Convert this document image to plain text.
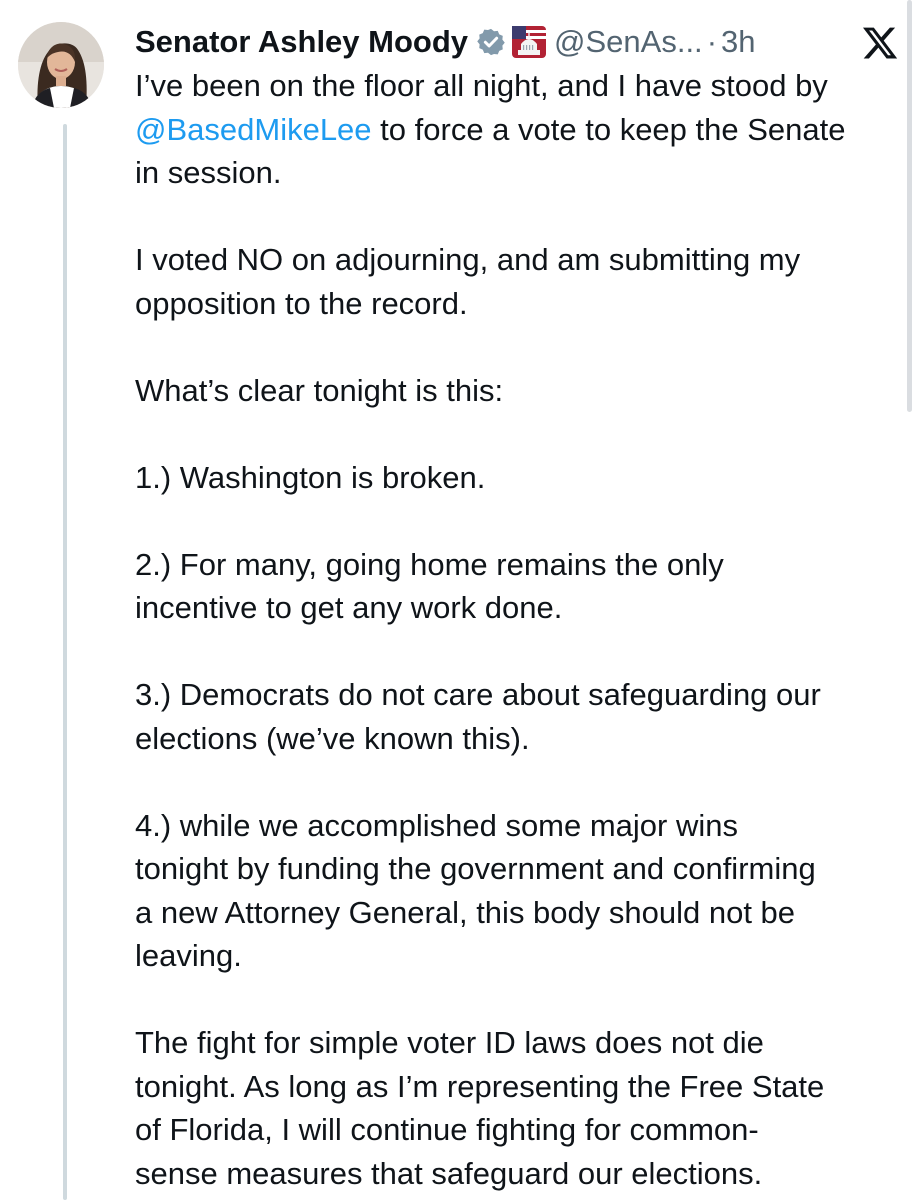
Senator Ashley Moody	@SenAs... · 3h

I’ve been on the floor all night, and I have stood by
@BasedMikeLee to force a vote to keep the Senate
in session.

I voted NO on adjourning, and am submitting my
opposition to the record.

What’s clear tonight is this:

1.) Washington is broken.

2.) For many, going home remains the only
incentive to get any work done.

3.) Democrats do not care about safeguarding our
elections (we’ve known this).

4.) while we accomplished some major wins
tonight by funding the government and confirming
a new Attorney General, this body should not be
leaving.

The fight for simple voter ID laws does not die
tonight. As long as I’m representing the Free State
of Florida, I will continue fighting for common-
sense measures that safeguard our elections.
